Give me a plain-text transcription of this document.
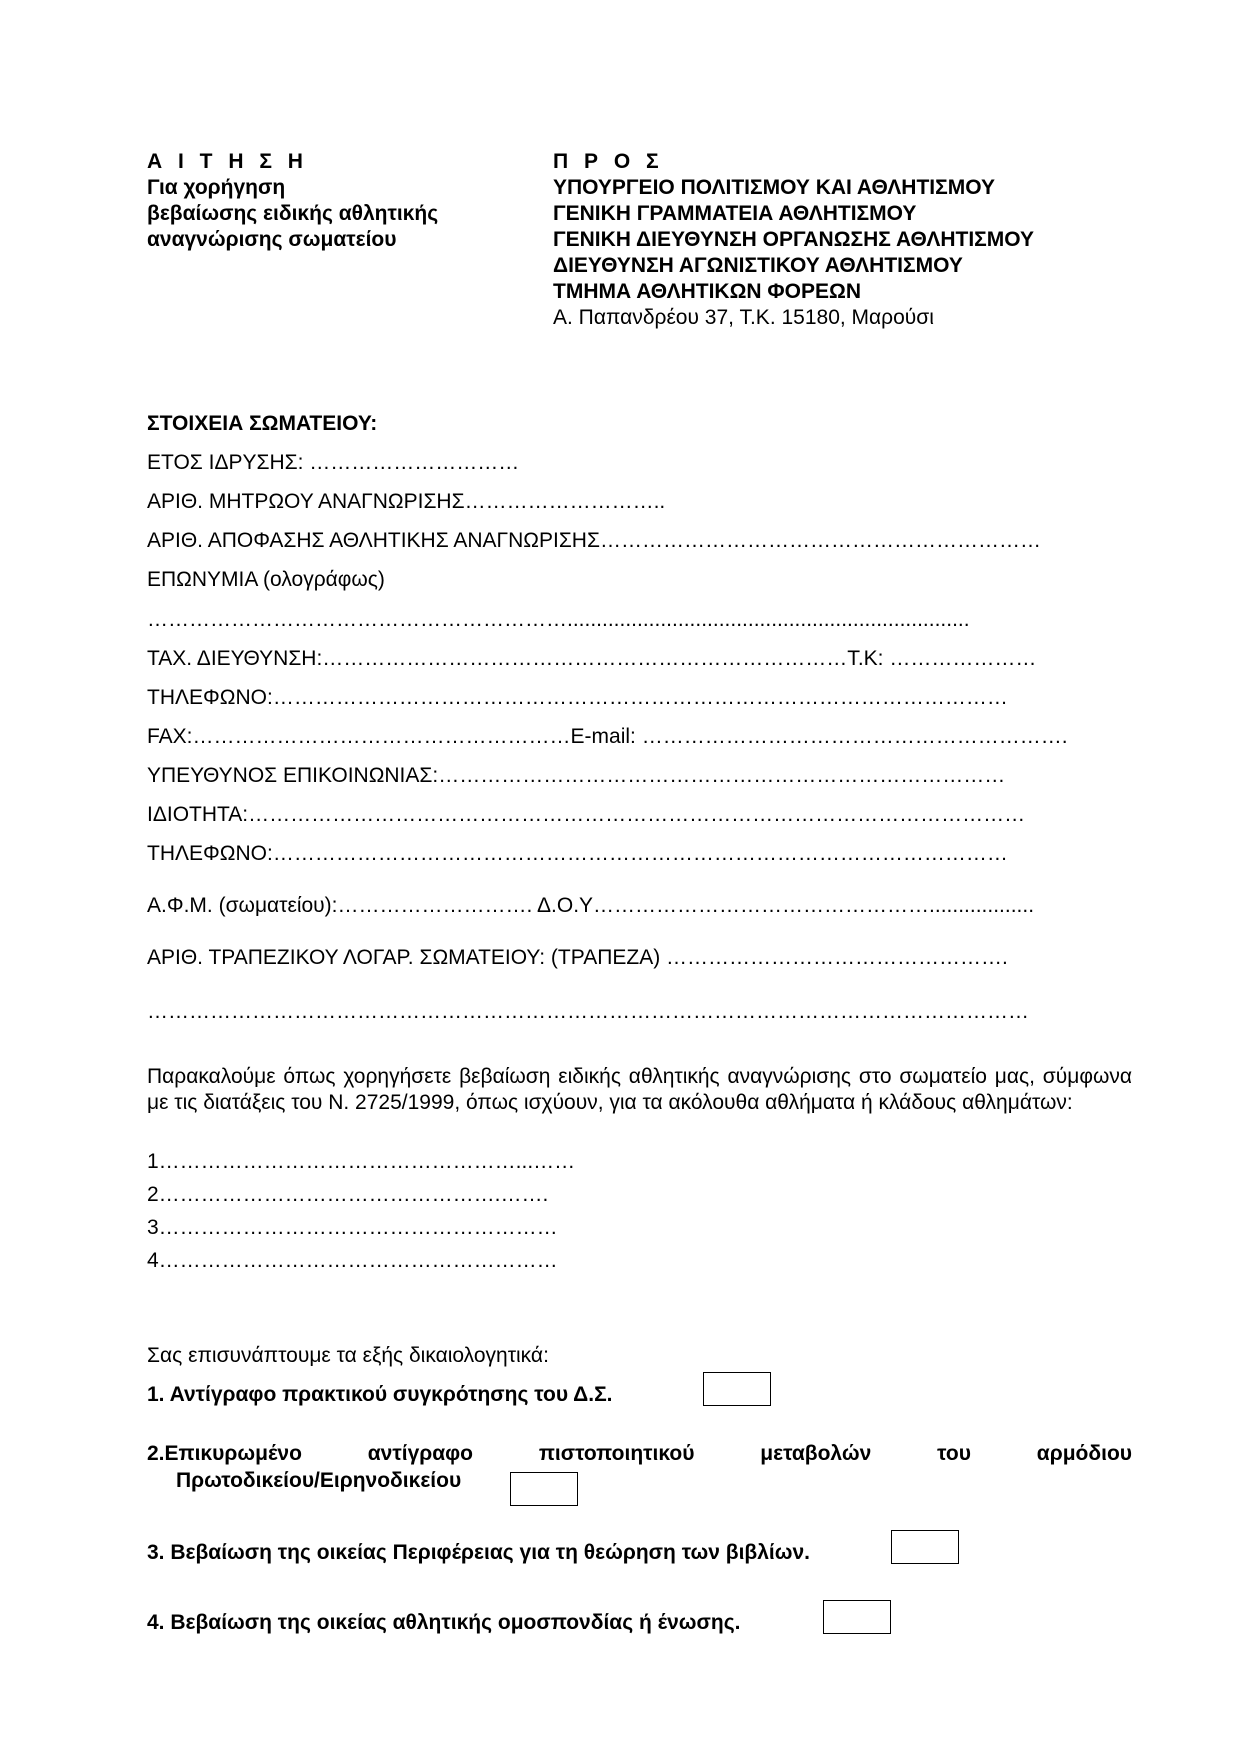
Α Ι Τ Η Σ Η
Για χορήγηση
βεβαίωσης ειδικής αθλητικής
αναγνώρισης σωματείου
Π Ρ Ο Σ
ΥΠΟΥΡΓΕΙΟ ΠΟΛΙΤΙΣΜΟΥ ΚΑΙ ΑΘΛΗΤΙΣΜΟΥ
ΓΕΝΙΚΗ ΓΡΑΜΜΑΤΕΙΑ ΑΘΛΗΤΙΣΜΟΥ
ΓΕΝΙΚΗ ΔΙΕΥΘΥΝΣΗ ΟΡΓΑΝΩΣΗΣ ΑΘΛΗΤΙΣΜΟΥ
ΔΙΕΥΘΥΝΣΗ ΑΓΩΝΙΣΤΙΚΟΥ ΑΘΛΗΤΙΣΜΟΥ
ΤΜΗΜΑ ΑΘΛΗΤΙΚΩΝ ΦΟΡΕΩΝ
Α. Παπανδρέου 37, Τ.Κ. 15180, Μαρούσι
ΣΤΟΙΧΕΙΑ ΣΩΜΑΤΕΙΟΥ:
ΕΤΟΣ ΙΔΡΥΣΗΣ: …………………………
ΑΡΙΘ. ΜΗΤΡΩΟΥ ΑΝΑΓΝΩΡΙΣΗΣ………………………..
ΑΡΙΘ. ΑΠΟΦΑΣΗΣ ΑΘΛΗΤΙΚΗΣ ΑΝΑΓΝΩΡΙΣΗΣ………………………………………………………
ΕΠΩΝΥΜΙΑ (ολογράφως)
…………………………………………………….....................................................................
ΤΑΧ. ΔΙΕΥΘΥΝΣΗ:…………………………………………………………………Τ.Κ: …………………
ΤΗΛΕΦΩΝΟ:……………………………………………………………………………………………
FAX:………………………………………………E-mail: …………………………………………………….
ΥΠΕΥΘΥΝΟΣ ΕΠΙΚΟΙΝΩΝΙΑΣ:………………………………………………………………………
ΙΔΙΟΤΗΤΑ:…………………………………………………………………………………………………
ΤΗΛΕΦΩΝΟ:……………………………………………………………………………………………
Α.Φ.Μ. (σωματείου):………………………. Δ.Ο.Υ…………………………………………..................
ΑΡΙΘ. ΤΡΑΠΕΖΙΚΟΥ ΛΟΓΑΡ. ΣΩΜΑΤΕΙΟΥ: (ΤΡΑΠΕΖΑ) ………………………………………….
………………………………………………………………………………………………………………
Παρακαλούμε όπως χορηγήσετε βεβαίωση ειδικής αθλητικής αναγνώρισης στο σωματείο μας, σύμφωνα με τις διατάξεις του Ν. 2725/1999, όπως ισχύουν, για τα ακόλουθα αθλήματα ή κλάδους αθλημάτων:
1……………………………………………...……
2………………………………………….…….
3…………………………………………………
4…………………………………………………
Σας επισυνάπτουμε τα εξής δικαιολογητικά:
1. Αντίγραφο πρακτικού συγκρότησης του Δ.Σ.
2.Επικυρωμένο αντίγραφο πιστοποιητικού μεταβολών του αρμόδιου
Πρωτοδικείου/Ειρηνοδικείου
3. Βεβαίωση της οικείας Περιφέρειας για τη θεώρηση των βιβλίων.
4. Βεβαίωση της οικείας αθλητικής ομοσπονδίας ή ένωσης.
